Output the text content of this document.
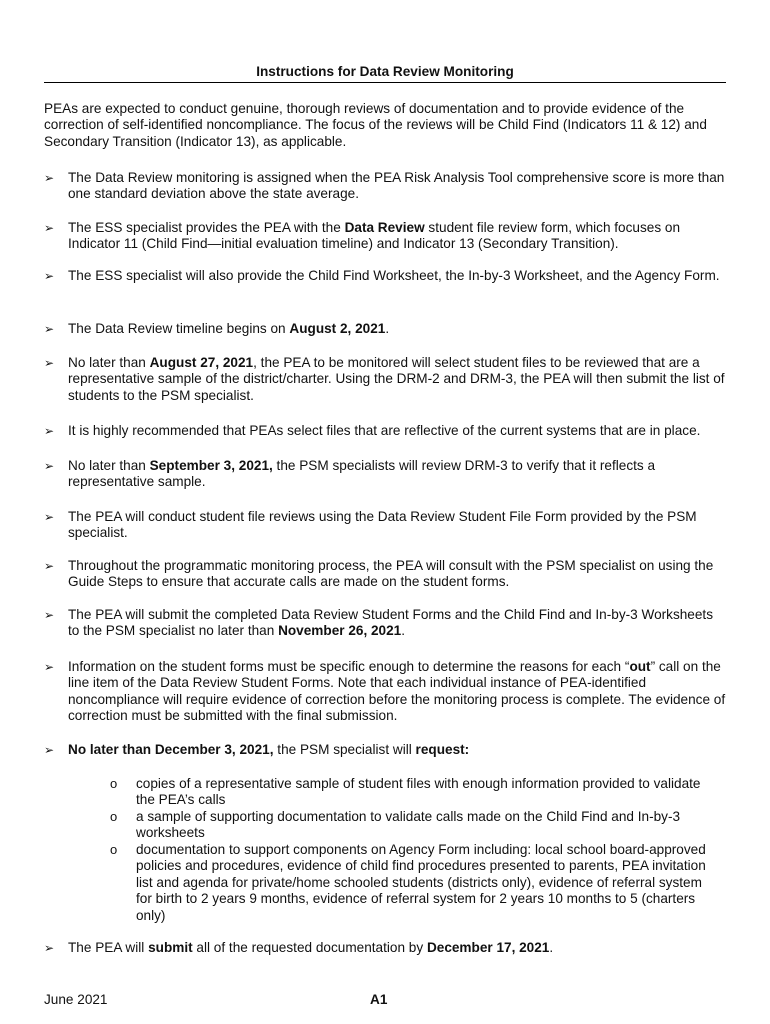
Instructions for Data Review Monitoring
PEAs are expected to conduct genuine, thorough reviews of documentation and to provide evidence of the correction of self-identified noncompliance. The focus of the reviews will be Child Find (Indicators 11 & 12) and Secondary Transition (Indicator 13), as applicable.
➢	The Data Review monitoring is assigned when the PEA Risk Analysis Tool comprehensive score is more than one standard deviation above the state average.
➢	The ESS specialist provides the PEA with the Data Review student file review form, which focuses on Indicator 11 (Child Find—initial evaluation timeline) and Indicator 13 (Secondary Transition).
➢	The ESS specialist will also provide the Child Find Worksheet, the In-by-3 Worksheet, and the Agency Form.
➢	The Data Review timeline begins on August 2, 2021.
➢	No later than August 27, 2021, the PEA to be monitored will select student files to be reviewed that are a representative sample of the district/charter. Using the DRM-2 and DRM-3, the PEA will then submit the list of students to the PSM specialist.
➢	It is highly recommended that PEAs select files that are reflective of the current systems that are in place.
➢	No later than September 3, 2021, the PSM specialists will review DRM-3 to verify that it reflects a representative sample.
➢	The PEA will conduct student file reviews using the Data Review Student File Form provided by the PSM specialist.
➢	Throughout the programmatic monitoring process, the PEA will consult with the PSM specialist on using the Guide Steps to ensure that accurate calls are made on the student forms.
➢	The PEA will submit the completed Data Review Student Forms and the Child Find and In-by-3 Worksheets to the PSM specialist no later than November 26, 2021.
➢	Information on the student forms must be specific enough to determine the reasons for each “out” call on the line item of the Data Review Student Forms. Note that each individual instance of PEA-identified noncompliance will require evidence of correction before the monitoring process is complete. The evidence of correction must be submitted with the final submission.
➢	No later than December 3, 2021, the PSM specialist will request:
o	copies of a representative sample of student files with enough information provided to validate the PEA’s calls
o	a sample of supporting documentation to validate calls made on the Child Find and In-by-3 worksheets
o	documentation to support components on Agency Form including: local school board-approved policies and procedures, evidence of child find procedures presented to parents, PEA invitation list and agenda for private/home schooled students (districts only), evidence of referral system for birth to 2 years 9 months, evidence of referral system for 2 years 10 months to 5 (charters only)
➢	The PEA will submit all of the requested documentation by December 17, 2021.
June 2021	A1
